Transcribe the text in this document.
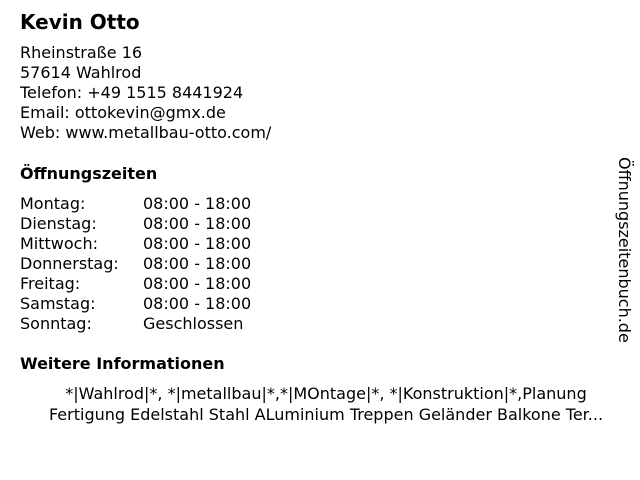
Kevin Otto
Rheinstraße 16
57614 Wahlrod
Telefon: +49 1515 8441924
Email: ottokevin@gmx.de
Web: www.metallbau-otto.com/
Öffnungszeiten
Montag:	08:00 - 18:00
Dienstag:	08:00 - 18:00
Mittwoch:	08:00 - 18:00
Donnerstag:	08:00 - 18:00
Freitag:	08:00 - 18:00
Samstag:	08:00 - 18:00
Sonntag:	Geschlossen
Weitere Informationen
*|Wahlrod|*, *|metallbau|*,*|MOntage|*, *|Konstruktion|*,Planung
Fertigung Edelstahl Stahl ALuminium Treppen Geländer Balkone Ter...
Öffnungszeitenbuch.de
